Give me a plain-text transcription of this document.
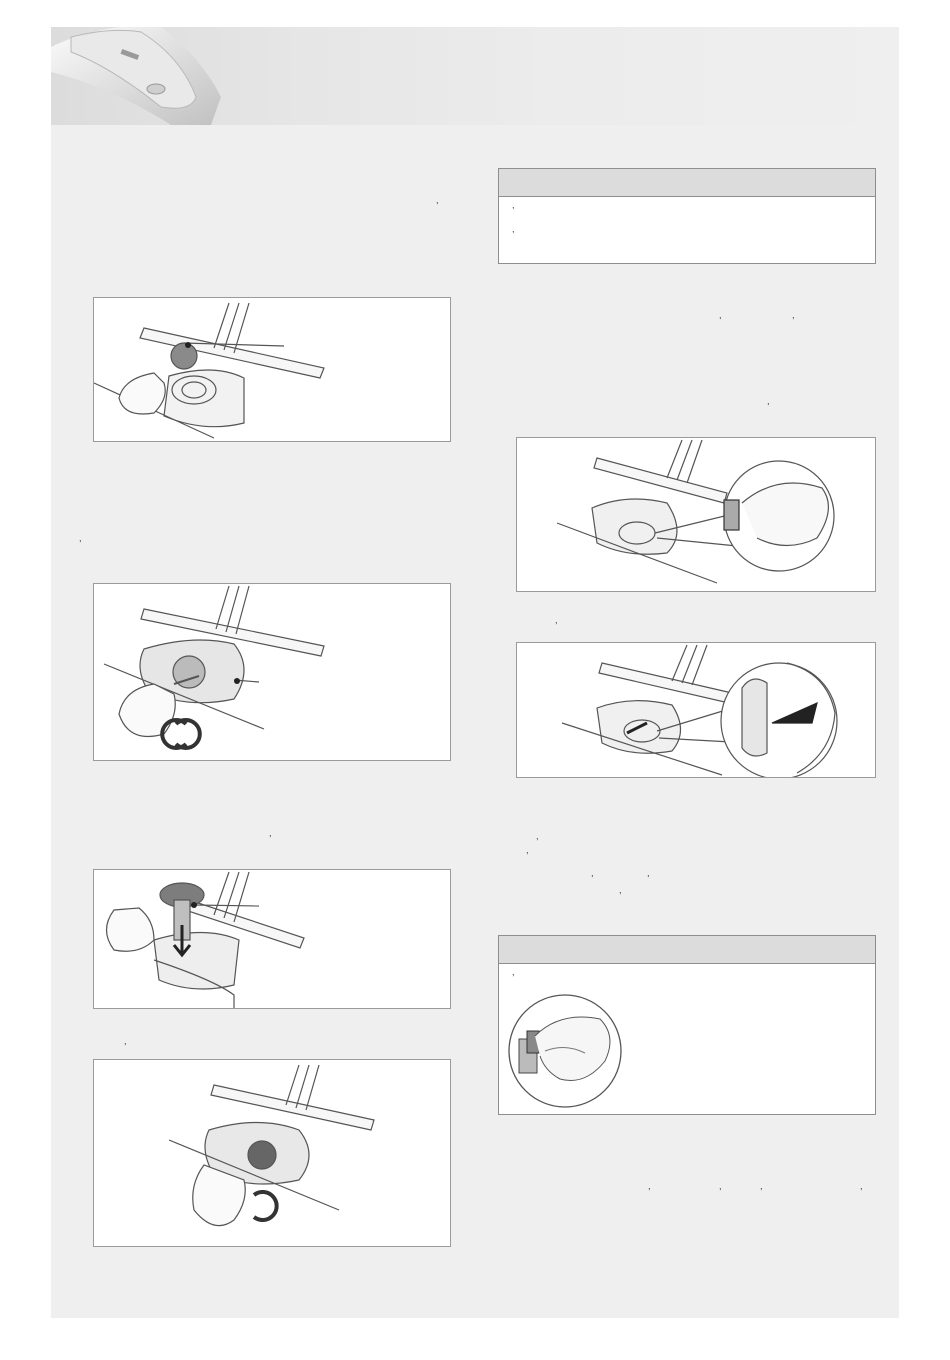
,
,
,
,
,	,
,
,
,
,
,	,
,
,	,	,	,
,
,
,
